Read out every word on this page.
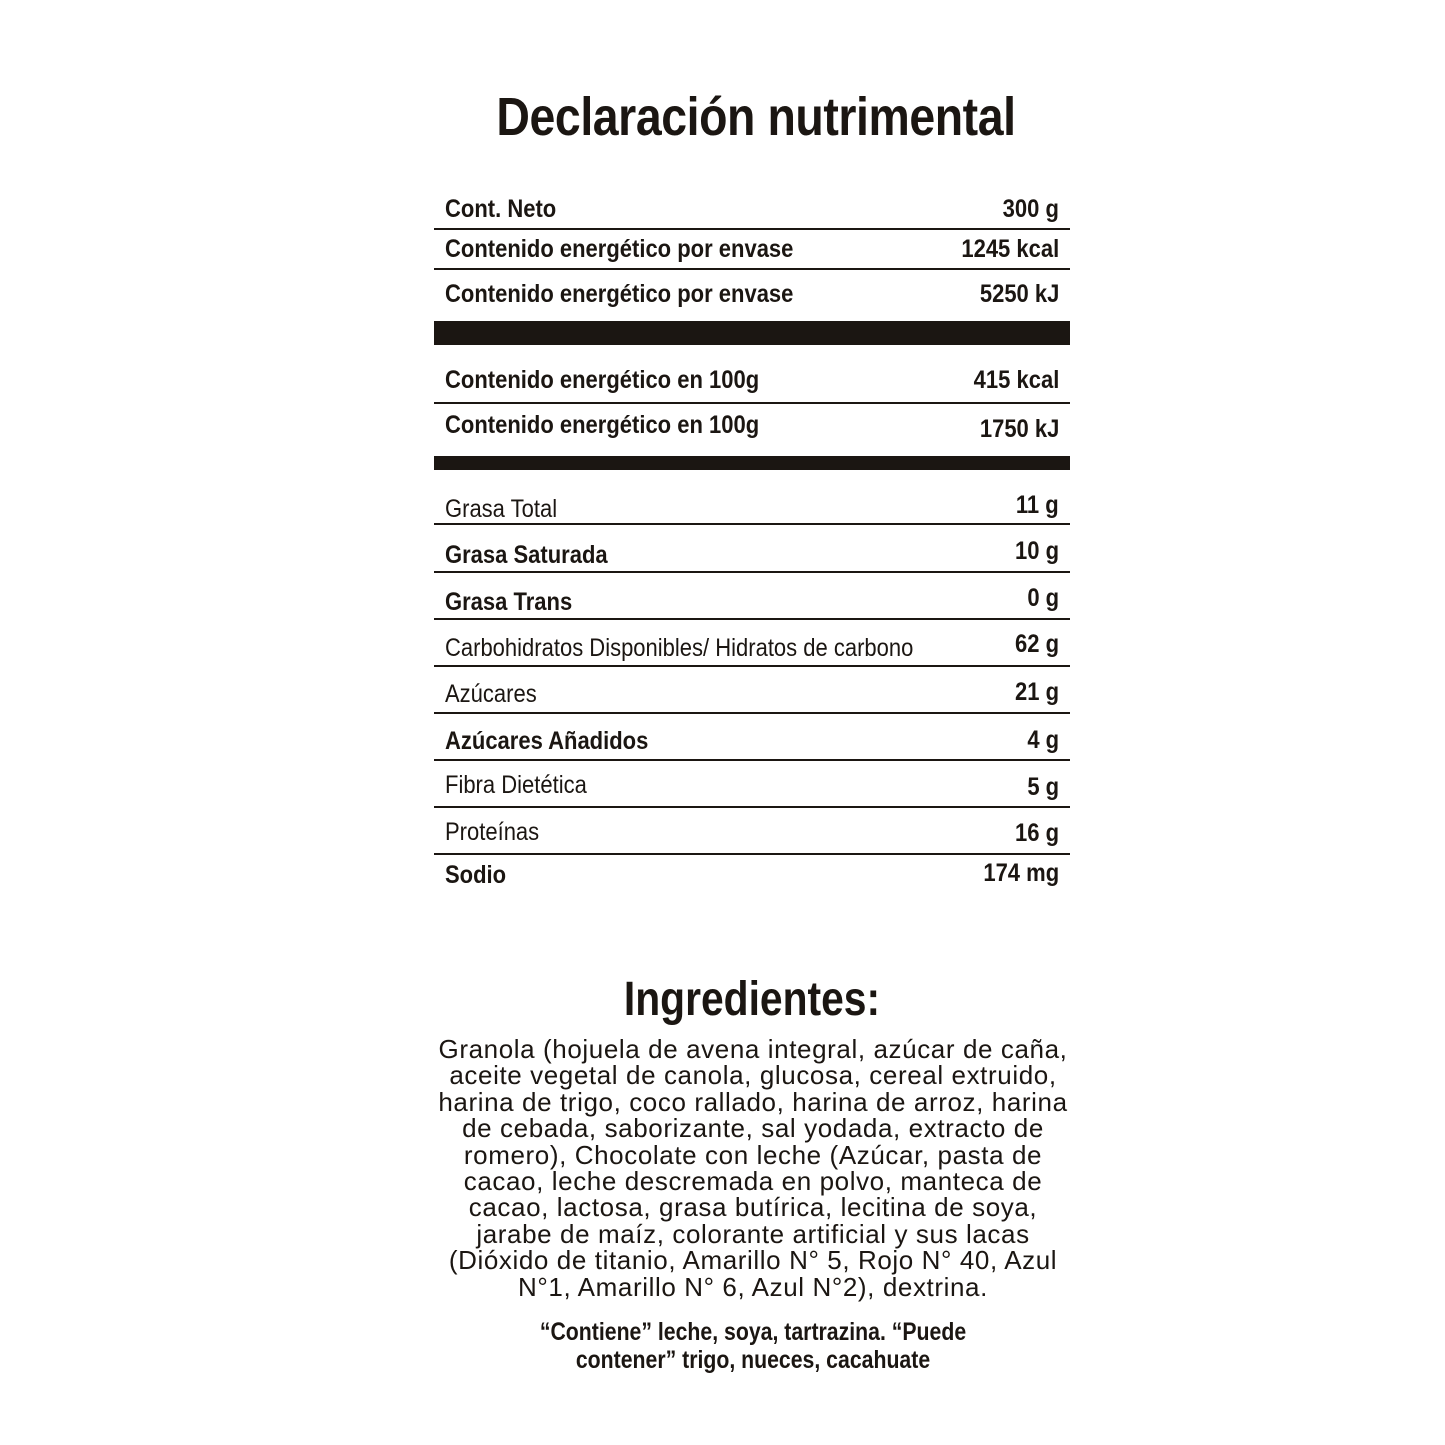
Declaración nutrimental
Cont. Neto	300 g
Contenido energético por envase	1245 kcal
Contenido energético por envase	5250 kJ
Contenido energético en 100g	415 kcal
Contenido energético en 100g	1750 kJ
Grasa Total	11 g
Grasa Saturada	10 g
Grasa Trans	0 g
Carbohidratos Disponibles/ Hidratos de carbono	62 g
Azúcares	21 g
Azúcares Añadidos	4 g
Fibra Dietética	5 g
Proteínas	16 g
Sodio	174 mg
Ingredientes:
Granola (hojuela de avena integral, azúcar de caña,
aceite vegetal de canola, glucosa, cereal extruido,
harina de trigo, coco rallado, harina de arroz, harina
de cebada, saborizante, sal yodada, extracto de
romero), Chocolate con leche (Azúcar, pasta de
cacao, leche descremada en polvo, manteca de
cacao, lactosa, grasa butírica, lecitina de soya,
jarabe de maíz, colorante artificial y sus lacas
(Dióxido de titanio, Amarillo N° 5, Rojo N° 40, Azul
N°1, Amarillo N° 6, Azul N°2), dextrina.
“Contiene” leche, soya, tartrazina. “Puede
contener” trigo, nueces, cacahuate
